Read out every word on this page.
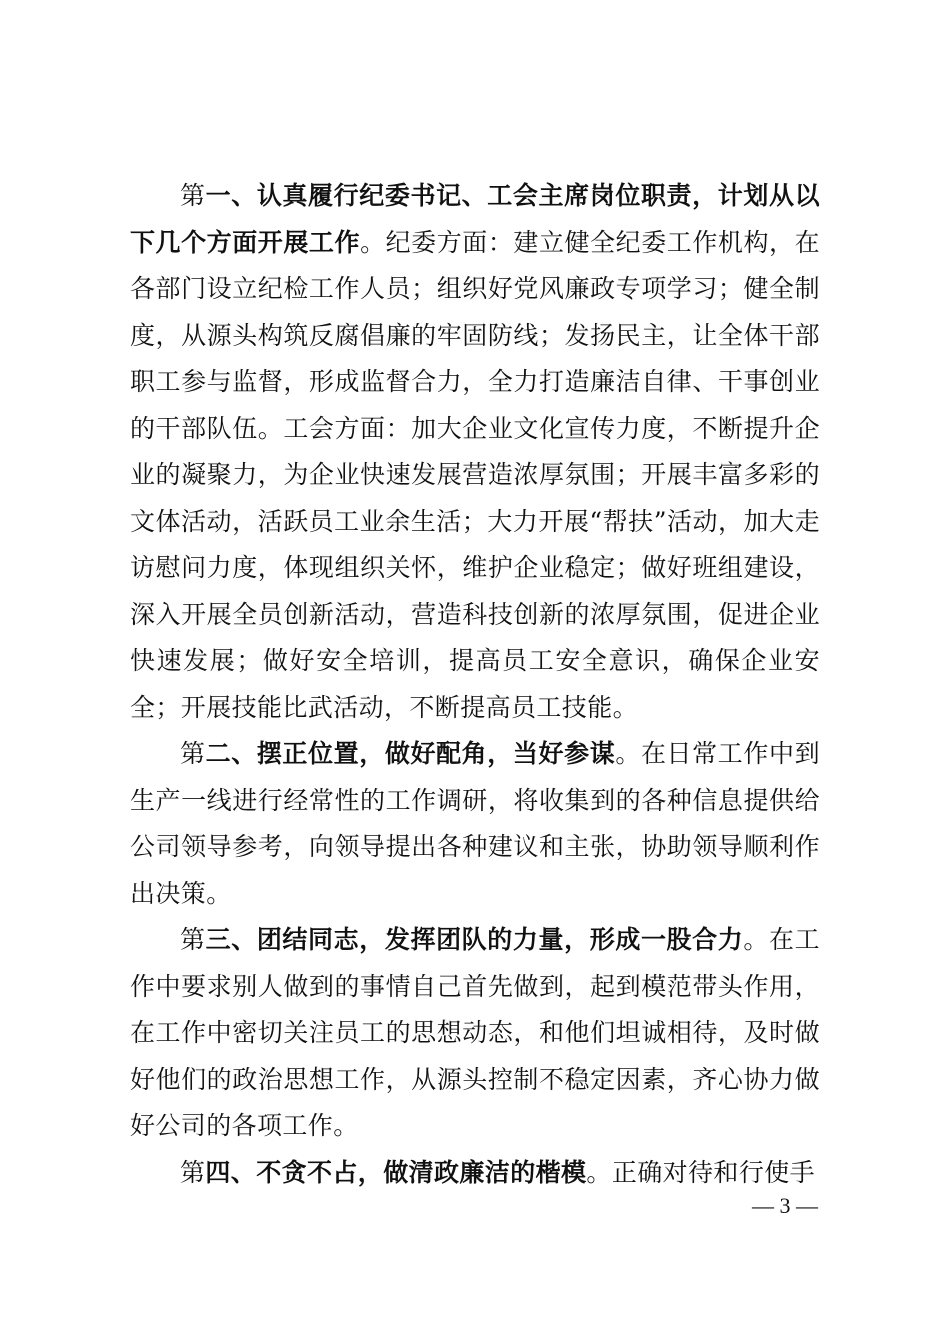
第一、认真履行纪委书记、工会主席岗位职责，计划从以下几个方面开展工作。纪委方面：建立健全纪委工作机构，在各部门设立纪检工作人员；组织好党风廉政专项学习；健全制度，从源头构筑反腐倡廉的牢固防线；发扬民主，让全体干部职工参与监督，形成监督合力，全力打造廉洁自律、干事创业的干部队伍。工会方面：加大企业文化宣传力度，不断提升企业的凝聚力，为企业快速发展营造浓厚氛围；开展丰富多彩的文体活动，活跃员工业余生活；大力开展“帮扶”活动，加大走访慰问力度，体现组织关怀，维护企业稳定；做好班组建设，深入开展全员创新活动，营造科技创新的浓厚氛围，促进企业快速发展；做好安全培训，提高员工安全意识，确保企业安全；开展技能比武活动，不断提高员工技能。

第二、摆正位置，做好配角，当好参谋。在日常工作中到生产一线进行经常性的工作调研，将收集到的各种信息提供给公司领导参考，向领导提出各种建议和主张，协助领导顺利作出决策。

第三、团结同志，发挥团队的力量，形成一股合力。在工作中要求别人做到的事情自己首先做到，起到模范带头作用，在工作中密切关注员工的思想动态，和他们坦诚相待，及时做好他们的政治思想工作，从源头控制不稳定因素，齐心协力做好公司的各项工作。

第四、不贪不占，做清政廉洁的楷模。正确对待和行使手

— 3 —
